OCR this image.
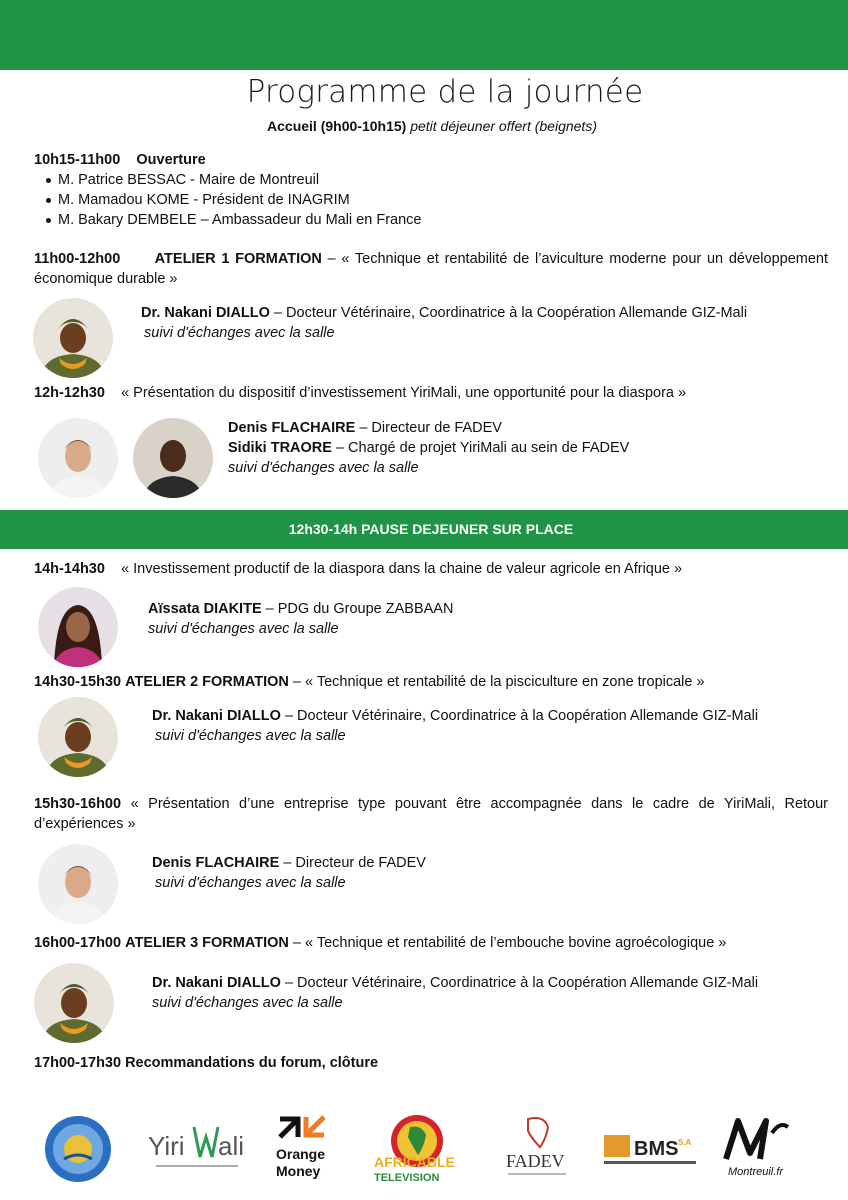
Programme de la journée
Accueil (9h00-10h15) petit déjeuner offert (beignets)
10h15-11h00 Ouverture
M. Patrice BESSAC - Maire de Montreuil
M. Mamadou KOME - Président de INAGRIM
M. Bakary DEMBELE – Ambassadeur du Mali en France
11h00-12h00 ATELIER 1 FORMATION – « Technique et rentabilité de l’aviculture moderne pour un développement économique durable »
Dr. Nakani DIALLO – Docteur Vétérinaire, Coordinatrice à la Coopération Allemande GIZ-Mali
suivi d'échanges avec la salle
12h-12h30 « Présentation du dispositif d’investissement YiriMali, une opportunité pour la diaspora »
Denis FLACHAIRE – Directeur de FADEV
Sidiki TRAORE – Chargé de projet YiriMali au sein de FADEV
suivi d'échanges avec la salle
12h30-14h PAUSE DEJEUNER SUR PLACE
14h-14h30 « Investissement productif de la diaspora dans la chaine de valeur agricole en Afrique »
Aïssata DIAKITE – PDG du Groupe ZABBAAN
suivi d'échanges avec la salle
14h30-15h30 ATELIER 2 FORMATION – « Technique et rentabilité de la pisciculture en zone tropicale »
Dr. Nakani DIALLO – Docteur Vétérinaire, Coordinatrice à la Coopération Allemande GIZ-Mali
suivi d'échanges avec la salle
15h30-16h00 « Présentation d’une entreprise type pouvant être accompagnée dans le cadre de YiriMali, Retour d’expériences »
Denis FLACHAIRE – Directeur de FADEV
suivi d'échanges avec la salle
16h00-17h00 ATELIER 3 FORMATION – « Technique et rentabilité de l’embouche bovine agroécologique »
Dr. Nakani DIALLO – Docteur Vétérinaire, Coordinatrice à la Coopération Allemande GIZ-Mali
suivi d'échanges avec la salle
17h00-17h30 Recommandations du forum, clôture
Yiri ali Orange
Money
AFRICABLE
TELEVISION
FADEV
BMS S.A
Montreuil.fr
